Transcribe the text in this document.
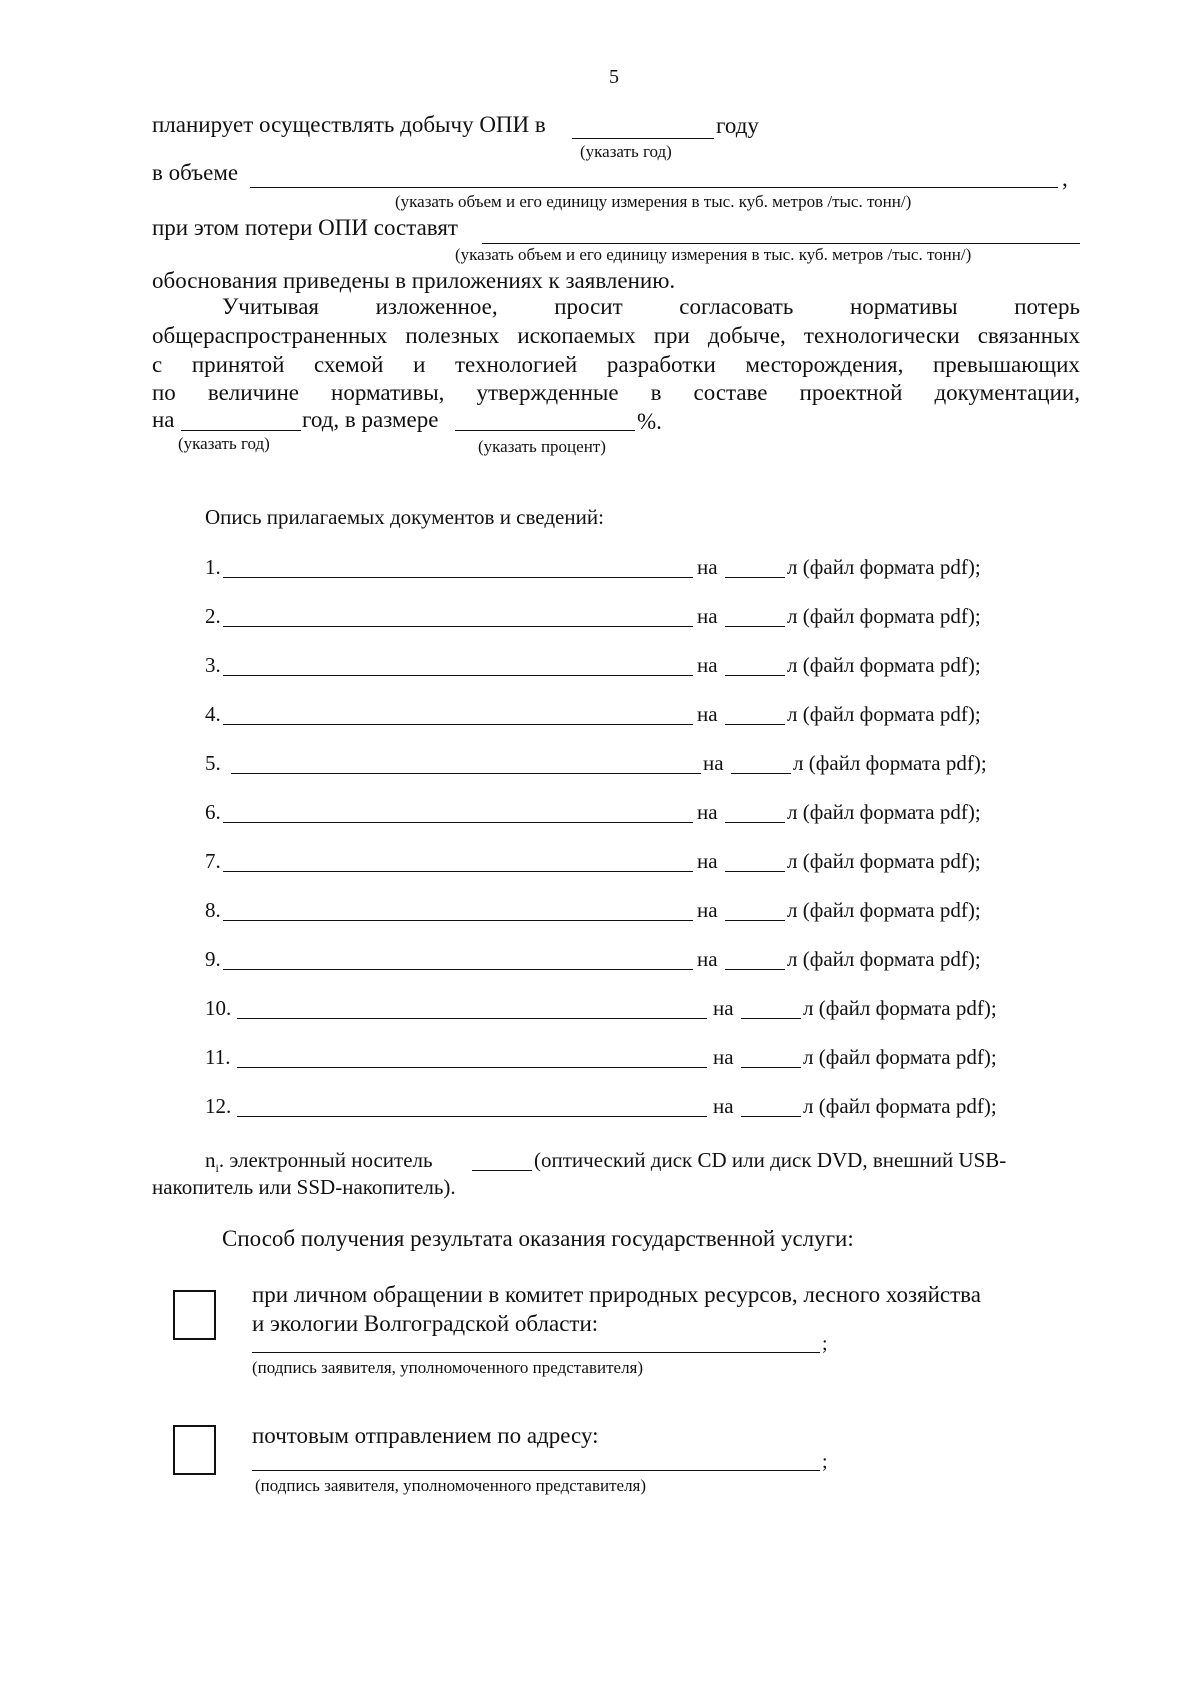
5
планирует осуществлять добычу ОПИ в	году
(указать год)
в объеме	,
(указать объем и его единицу измерения в тыс. куб. метров /тыс. тонн/)
при этом потери ОПИ составят
(указать объем и его единицу измерения в тыс. куб. метров /тыс. тонн/)
обоснования приведены в приложениях к заявлению.
Учитывая изложенное, просит согласовать нормативы потерь
общераспространенных полезных ископаемых при добыче, технологически связанных
с принятой схемой и технологией разработки месторождения, превышающих
по величине нормативы, утвержденные в составе проектной документации,
на	год, в размере	%.
(указать год)	(указать процент)
Опись прилагаемых документов и сведений:
1.	на	л (файл формата pdf);
2.	на	л (файл формата pdf);
3.	на	л (файл формата pdf);
4.	на	л (файл формата pdf);
5.	на	л (файл формата pdf);
6.	на	л (файл формата pdf);
7.	на	л (файл формата pdf);
8.	на	л (файл формата pdf);
9.	на	л (файл формата pdf);
10.	на	л (файл формата pdf);
11.	на	л (файл формата pdf);
12.	на	л (файл формата pdf);
$n_i$. электронный носитель	(оптический диск CD или диск DVD, внешний USB-
накопитель или SSD-накопитель).
Способ получения результата оказания государственной услуги:
при личном обращении в комитет природных ресурсов, лесного хозяйства
и экологии Волгоградской области:
;
(подпись заявителя, уполномоченного представителя)
почтовым отправлением по адресу:
;
(подпись заявителя, уполномоченного представителя)
